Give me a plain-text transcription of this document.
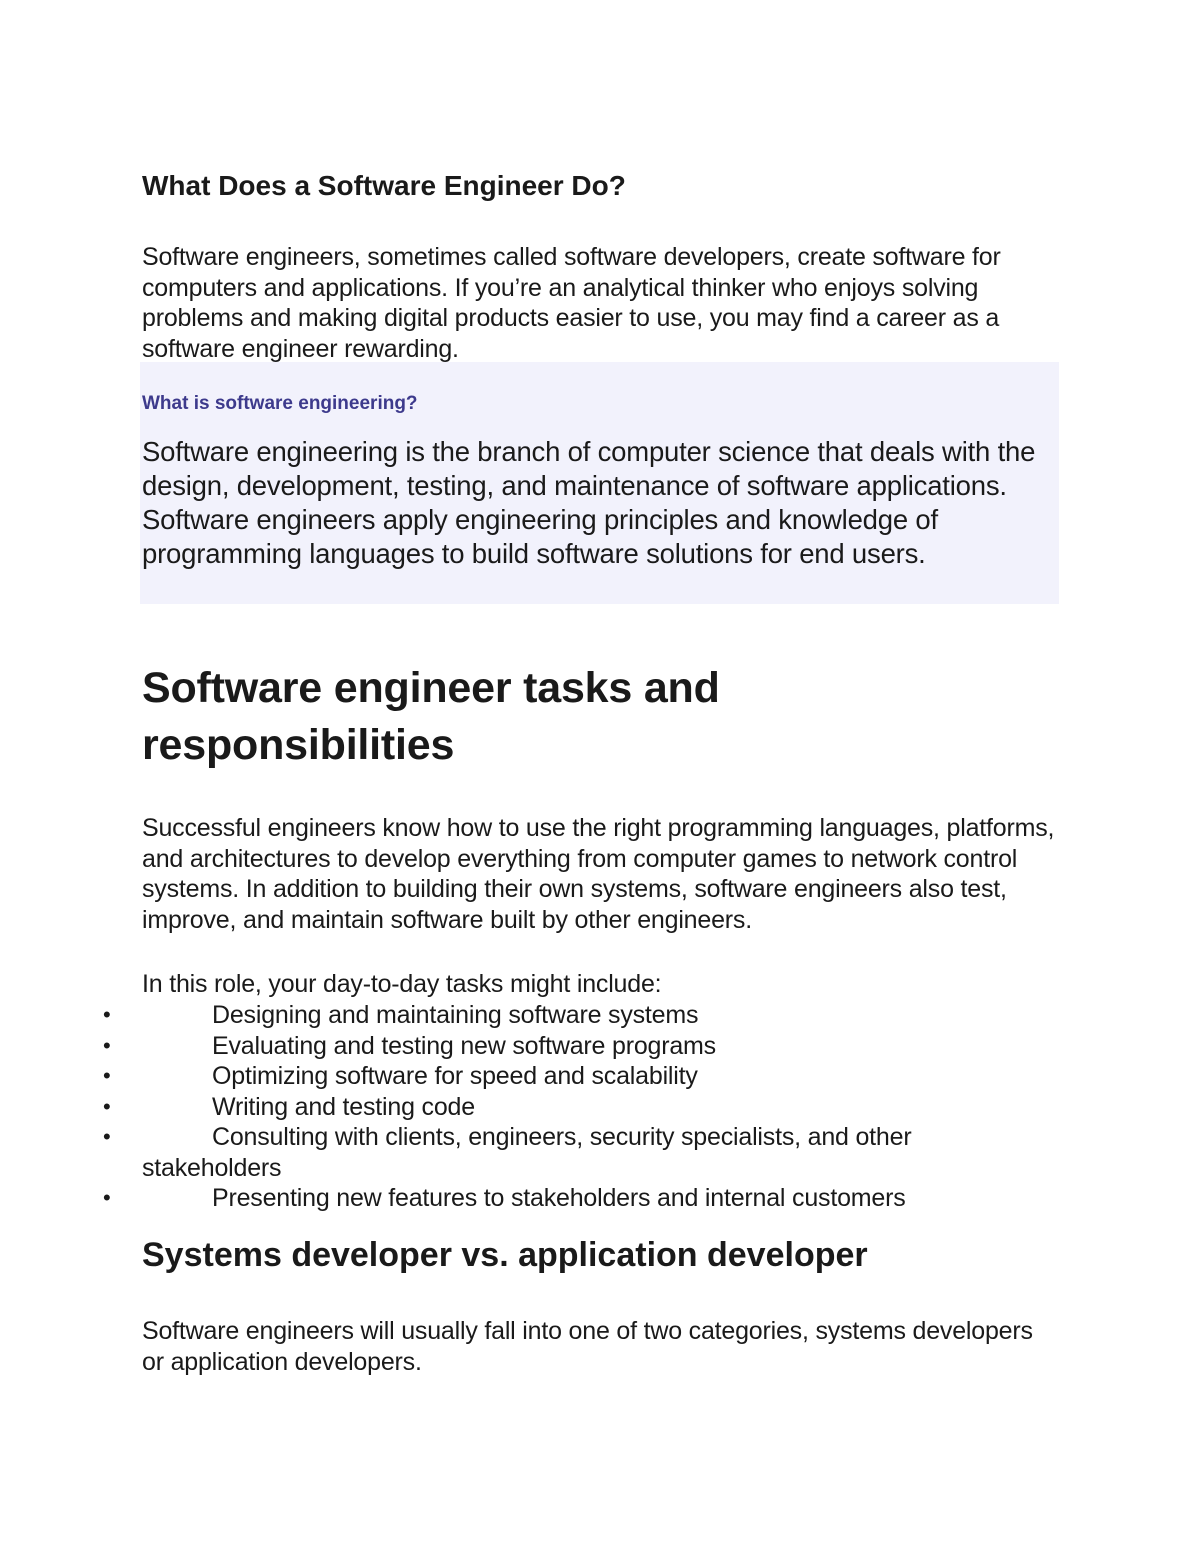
What Does a Software Engineer Do?

Software engineers, sometimes called software developers, create software for computers and applications. If you’re an analytical thinker who enjoys solving problems and making digital products easier to use, you may find a career as a software engineer rewarding.

What is software engineering?

Software engineering is the branch of computer science that deals with the design, development, testing, and maintenance of software applications. Software engineers apply engineering principles and knowledge of programming languages to build software solutions for end users.

Software engineer tasks and responsibilities

Successful engineers know how to use the right programming languages, platforms, and architectures to develop everything from computer games to network control systems. In addition to building their own systems, software engineers also test, improve, and maintain software built by other engineers.

In this role, your day-to-day tasks might include:

•	Designing and maintaining software systems
•	Evaluating and testing new software programs
•	Optimizing software for speed and scalability
•	Writing and testing code
•	Consulting with clients, engineers, security specialists, and other stakeholders
•	Presenting new features to stakeholders and internal customers
Systems developer vs. application developer

Software engineers will usually fall into one of two categories, systems developers or application developers.
